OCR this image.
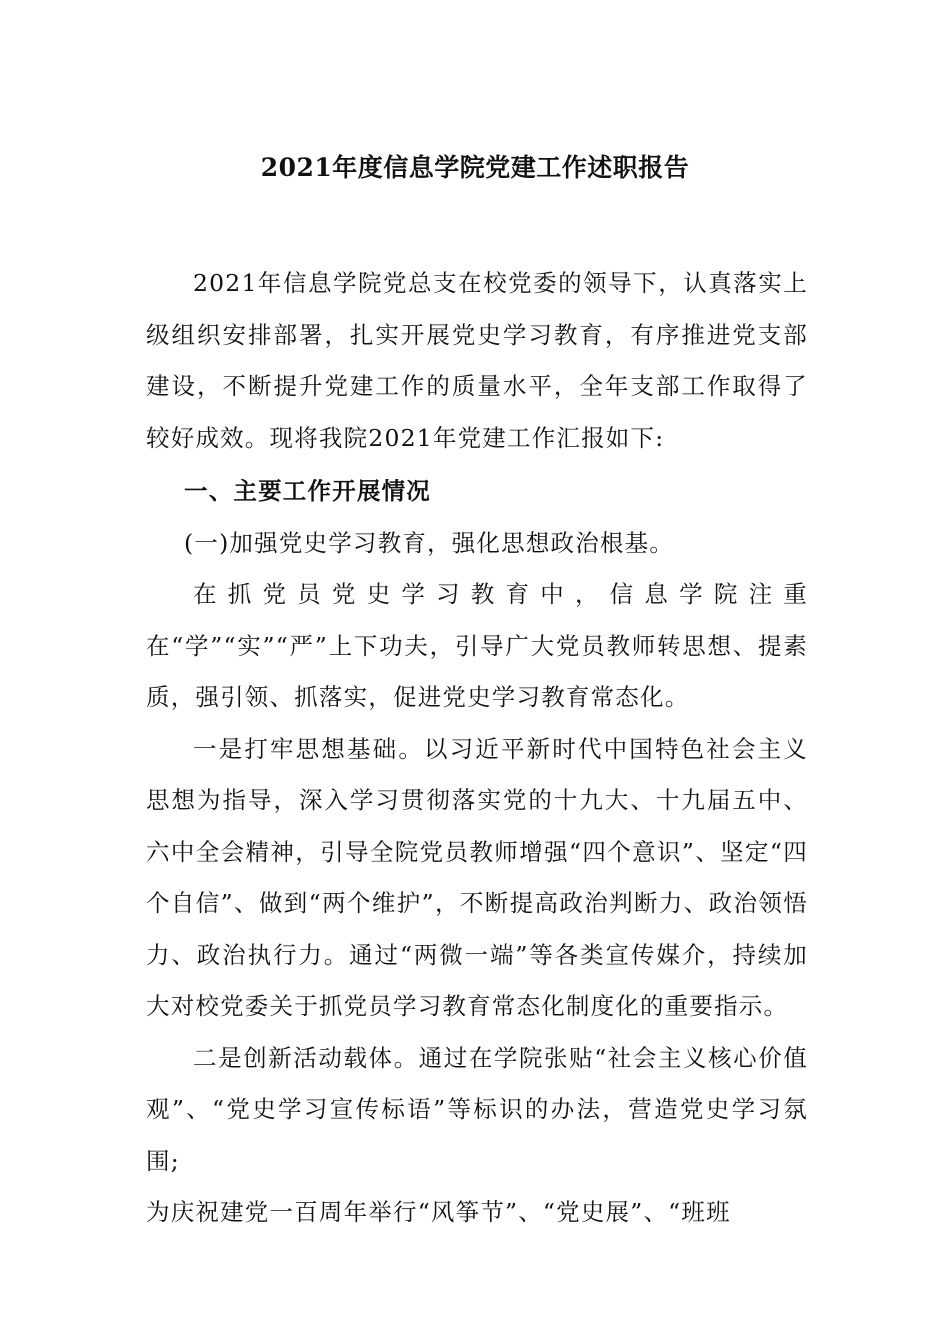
2021年度信息学院党建工作述职报告

2021年信息学院党总支在校党委的领导下，认真落实上级组织安排部署，扎实开展党史学习教育，有序推进党支部建设，不断提升党建工作的质量水平，全年支部工作取得了较好成效。现将我院2021年党建工作汇报如下:

一、主要工作开展情况

(一)加强党史学习教育，强化思想政治根基。

在抓党员党史学习教育中，信息学院注重在“学”“实”“严”上下功夫，引导广大党员教师转思想、提素质，强引领、抓落实，促进党史学习教育常态化。

一是打牢思想基础。以习近平新时代中国特色社会主义思想为指导，深入学习贯彻落实党的十九大、十九届五中、六中全会精神，引导全院党员教师增强“四个意识”、坚定“四个自信”、做到“两个维护”，不断提高政治判断力、政治领悟力、政治执行力。通过“两微一端”等各类宣传媒介，持续加大对校党委关于抓党员学习教育常态化制度化的重要指示。

二是创新活动载体。通过在学院张贴“社会主义核心价值观”、“党史学习宣传标语”等标识的办法，营造党史学习氛围;

为庆祝建党一百周年举行“风筝节”、“党史展”、“班班
